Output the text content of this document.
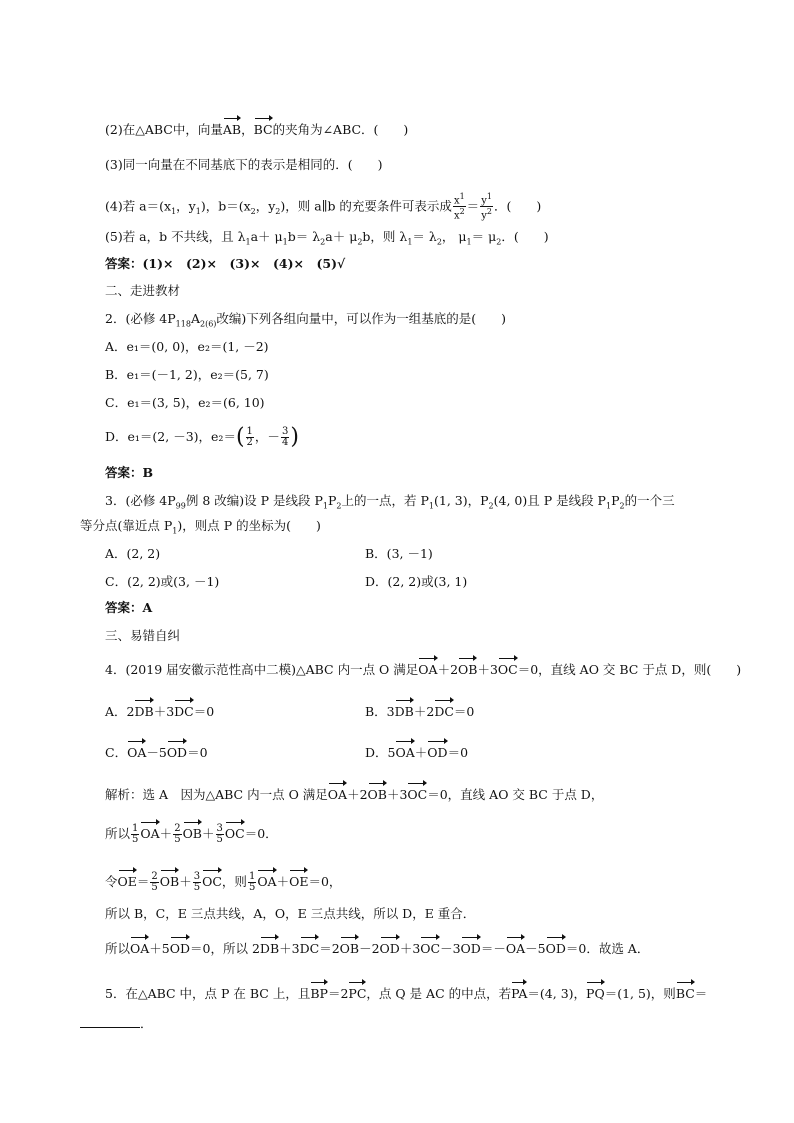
(2)在△ABC中，向量AB，BC的夹角为∠ABC．(　　)
(3)同一向量在不同基底下的表示是相同的．(　　)
(4)若 $a=(x_1$，$y_1$)，$b=(x_2$，$y_2$)，则 a∥b 的充要条件可表示成 $\frac{x^1}{x^2} = \frac{y^1}{y^2}$ ．(　　)
(5)若 a，b 不共线，且 $\lambda_1a+ \mu_1b= \lambda_2a+ \mu_2b$，则 $\lambda_1= \lambda_2$， $\mu_1= \mu_2$．(　　)
答案：(1)×　(2)×　(3)×　(4)×　(5)√
二、走进教材
2．(必修 $4P_{118}A_{2(6)}$改编)下列各组向量中，可以作为一组基底的是(　　)
A．e₁＝(0, 0)，e₂＝(1, －2)
B．e₁＝(－1, 2)，e₂＝(5, 7)
C．e₁＝(3, 5)，e₂＝(6, 10)
D．e₁＝(2, －3)，$e_2=( \frac{1}{2}$ ，－ $\frac{3}{4}$ )
答案：B
3．(必修 $4P_{99}$例 8 改编)设 P 是线段 $P_1P_2$上的一点，若 $P_1(1$, 3)，$P_2(4$, 0)且 P 是线段 $P_1P_2$的一个三
等分点(靠近点 $P_1$)，则点 P 的坐标为(　　)
A．(2, 2)	B．(3, －1)
C．(2, 2)或(3, －1)	D．(2, 2)或(3, 1)
答案：A
三、易错自纠
4．(2019 届安徽示范性高中二模)△ABC 内一点 O 满足OA＋2OB＋3OC＝0，直线 AO 交 BC 于点 D，则(　　)
A．2DB＋3DC＝0	B．3DB＋2DC＝0
C．OA－5OD＝0	D．5OA＋OD＝0
解析：选 A　因为△ABC 内一点 O 满足OA＋2OB＋3OC＝0，直线 AO 交 BC 于点 D，
所以 $\frac{1}{5} OA+ \frac{2}{5} OB+ \frac{3}{5} OC=0$．
令$OE= \frac{2}{5} OB+ \frac{3}{5}$ OC，则 $\frac{1}{5} OA+OE=0$，
所以 B，C，E 三点共线，A，O，E 三点共线，所以 D，E 重合．
所以OA＋5OD＝0，所以 2DB＋3DC＝2OB－2OD＋3OC－3OD＝－OA－5OD＝0．故选 A．
5．在△ABC 中，点 P 在 BC 上，且BP＝2PC，点 Q 是 AC 的中点，若PA＝(4, 3)，PQ＝(1, 5)，则BC＝
．
